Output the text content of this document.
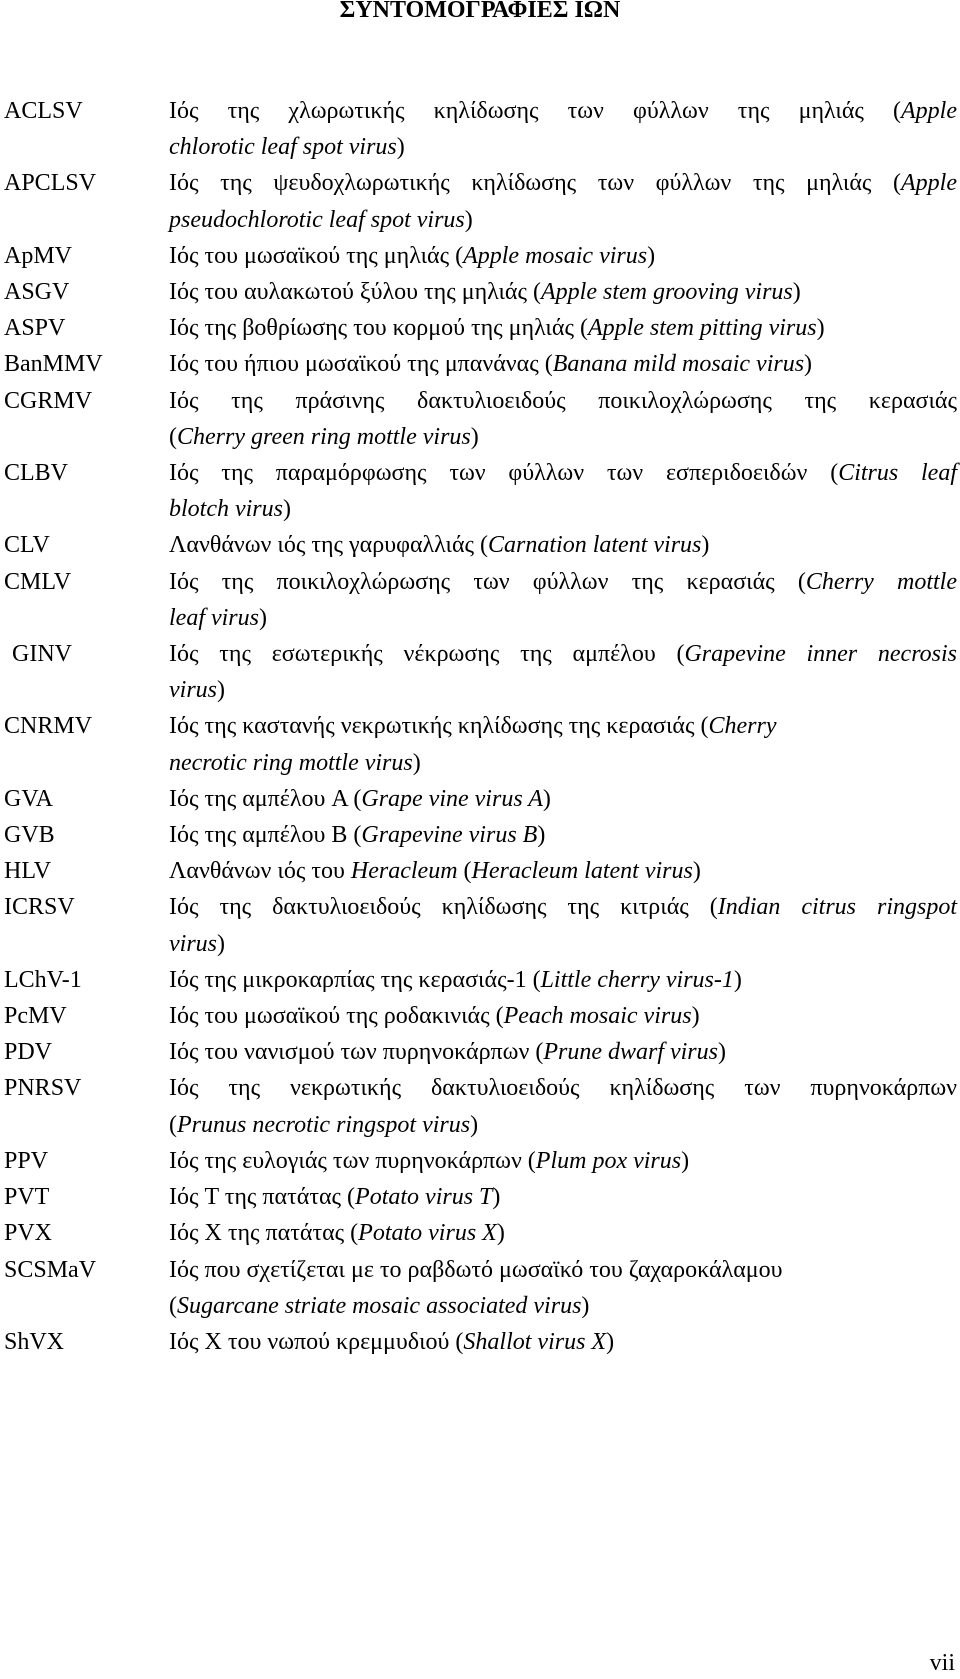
ΣΥΝΤΟΜΟΓΡΑΦΙΕΣ ΙΩΝ
ACLSV	Ιός της χλωρωτικής κηλίδωσης των φύλλων της μηλιάς (Apple
chlorotic leaf spot virus)
APCLSV	Ιός της ψευδοχλωρωτικής κηλίδωσης των φύλλων της μηλιάς (Apple
pseudochlorotic leaf spot virus)
ApMV	Ιός του μωσαϊκού της μηλιάς (Apple mosaic virus)
ASGV	Ιός του αυλακωτού ξύλου της μηλιάς (Apple stem grooving virus)
ASPV	Ιός της βοθρίωσης του κορμού της μηλιάς (Apple stem pitting virus)
BanMMV	Ιός του ήπιου μωσαϊκού της μπανάνας (Banana mild mosaic virus)
CGRMV	Ιός της πράσινης δακτυλιοειδούς ποικιλοχλώρωσης της κερασιάς
(Cherry green ring mottle virus)
CLBV	Ιός της παραμόρφωσης των φύλλων των εσπεριδοειδών (Citrus leaf
blotch virus)
CLV	Λανθάνων ιός της γαρυφαλλιάς (Carnation latent virus)
CMLV	Ιός της ποικιλοχλώρωσης των φύλλων της κερασιάς (Cherry mottle
leaf virus)
GINV	Ιός της εσωτερικής νέκρωσης της αμπέλου (Grapevine inner necrosis
virus)
CNRMV	Ιός της καστανής νεκρωτικής κηλίδωσης της κερασιάς (Cherry
necrotic ring mottle virus)
GVA	Ιός της αμπέλου A (Grape vine virus A)
GVB	Ιός της αμπέλου B (Grapevine virus B)
HLV	Λανθάνων ιός του Heracleum (Heracleum latent virus)
ICRSV	Ιός της δακτυλιοειδούς κηλίδωσης της κιτριάς (Indian citrus ringspot
virus)
LChV-1	Ιός της μικροκαρπίας της κερασιάς-1 (Little cherry virus-1)
PcMV	Ιός του μωσαϊκού της ροδακινιάς (Peach mosaic virus)
PDV	Ιός του νανισμού των πυρηνοκάρπων (Prune dwarf virus)
PNRSV	Ιός της νεκρωτικής δακτυλιοειδούς κηλίδωσης των πυρηνοκάρπων
(Prunus necrotic ringspot virus)
PPV	Ιός της ευλογιάς των πυρηνοκάρπων (Plum pox virus)
PVT	Ιός T της πατάτας (Potato virus T)
PVX	Ιός X της πατάτας (Potato virus X)
SCSMaV	Ιός που σχετίζεται με το ραβδωτό μωσαϊκό του ζαχαροκάλαμου
(Sugarcane striate mosaic associated virus)
ShVX	Ιός X του νωπού κρεμμυδιού (Shallot virus X)
vii
